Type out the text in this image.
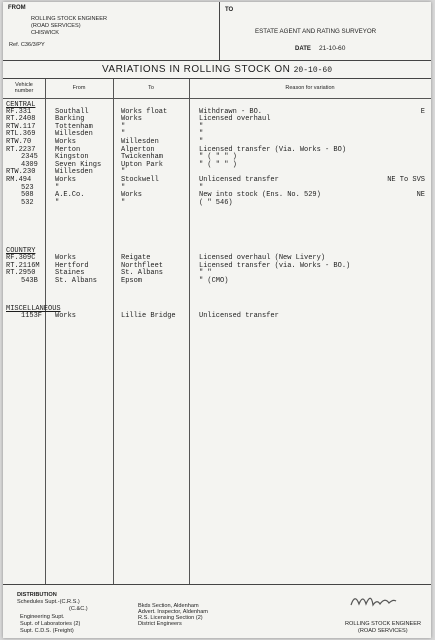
FROM
ROLLING STOCK ENGINEER
(ROAD SERVICES)
CHISWICK
Ref. C36/3/PY
TO
ESTATE AGENT AND RATING SURVEYOR
DATE 21-10-60
VARIATIONS IN ROLLING STOCK ON 20-10-60
Vehicle
number	From	To	Reason for variation
CENTRAL
RF.331	Southall	Works float	Withdrawn - BO.	E
RT.2408	Barking	Works	Licensed overhaul
RTW.117	Tottenham	"	"
RTL.369	Willesden	"	"
RTW.70	Works	Willesden	"
RT.2237	Merton	Alperton	Licensed transfer (Via. Works - BO)
2345 Kingston	Twickenham	" ( " " )
4309 Seven Kings	Upton Park	" ( " " )
RTW.230	Willesden	"
RM.494	Works	Stockwell	Unlicensed transfer	NE To SVS
523	"	"	"
508	A.E.Co.	Works	New into stock (Ens. No. 529)	NE
532	"	"	( " 546)
COUNTRY
RF.309C	Works	Reigate	Licensed overhaul (New Livery)
RT.2116M Hertford	Northfleet	Licensed transfer (via. Works - BO.)
RT.2950	Staines	St. Albans	" "
543B St. Albans	Epsom	" (CMO)
MISCELLANEOUS
1153F Works	Lillie Bridge	Unlicensed transfer
DISTRIBUTION
Schedules Supt.-(C.R.S.)
(C.&C.)
Engineering Supt.
Supt. of Laboratories (2)
Supt. C.D.S. (Freight)
Bkds Section, Aldenham
Advert. Inspector, Aldenham
R.S. Licensing Section (2)
District Engineers	ROLLING STOCK ENGINEER
(ROAD SERVICES)
